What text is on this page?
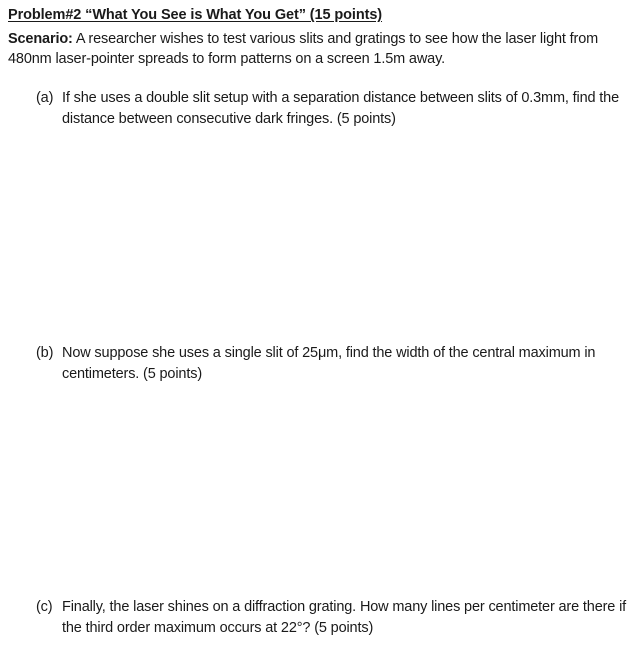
Problem#2 “What You See is What You Get” (15 points)
Scenario: A researcher wishes to test various slits and gratings to see how the laser light from 480nm laser-pointer spreads to form patterns on a screen 1.5m away.
(a) If she uses a double slit setup with a separation distance between slits of 0.3mm, find the distance between consecutive dark fringes. (5 points)
(b) Now suppose she uses a single slit of 25μm, find the width of the central maximum in centimeters. (5 points)
(c) Finally, the laser shines on a diffraction grating. How many lines per centimeter are there if the third order maximum occurs at 22°? (5 points)
